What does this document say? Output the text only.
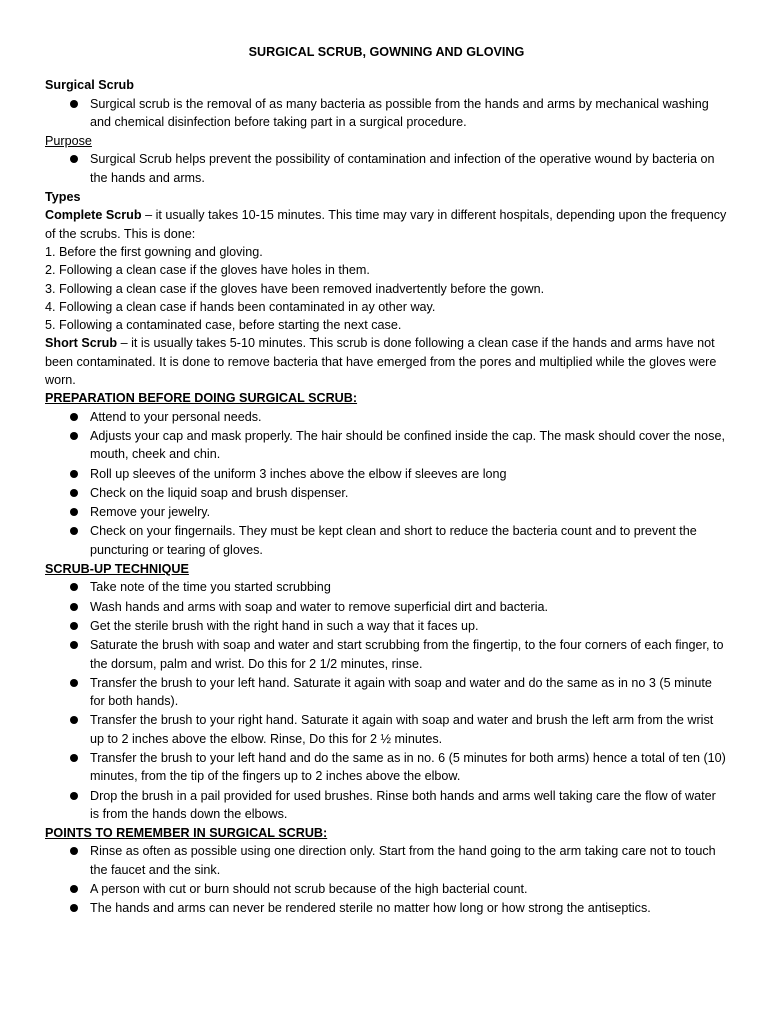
SURGICAL SCRUB, GOWNING AND GLOVING
Surgical Scrub
Surgical scrub is the removal of as many bacteria as possible from the hands and arms by mechanical washing and chemical disinfection before taking part in a surgical procedure.
Purpose
Surgical Scrub helps prevent the possibility of contamination and infection of the operative wound by bacteria on the hands and arms.
Types

Complete Scrub – it usually takes 10-15 minutes. This time may vary in different hospitals, depending upon the frequency of the scrubs. This is done:

1. Before the first gowning and gloving.

2. Following a clean case if the gloves have holes in them.

3. Following a clean case if the gloves have been removed inadvertently before the gown.

4. Following a clean case if hands been contaminated in ay other way.

5. Following a contaminated case, before starting the next case.

Short Scrub – it is usually takes 5-10 minutes. This scrub is done following a clean case if the hands and arms have not been contaminated. It is done to remove bacteria that have emerged from the pores and multiplied while the gloves were worn.

PREPARATION BEFORE DOING SURGICAL SCRUB:
Attend to your personal needs.
Adjusts your cap and mask properly. The hair should be confined inside the cap. The mask should cover the nose, mouth, cheek and chin.
Roll up sleeves of the uniform 3 inches above the elbow if sleeves are long
Check on the liquid soap and brush dispenser.
Remove your jewelry.
Check on your fingernails. They must be kept clean and short to reduce the bacteria count and to prevent the puncturing or tearing of gloves.
SCRUB-UP TECHNIQUE
Take note of the time you started scrubbing
Wash hands and arms with soap and water to remove superficial dirt and bacteria.
Get the sterile brush with the right hand in such a way that it faces up.
Saturate the brush with soap and water and start scrubbing from the fingertip, to the four corners of each finger, to the dorsum, palm and wrist. Do this for 2 1/2 minutes, rinse.
Transfer the brush to your left hand. Saturate it again with soap and water and do the same as in no 3 (5 minute for both hands).
Transfer the brush to your right hand. Saturate it again with soap and water and brush the left arm from the wrist up to 2 inches above the elbow. Rinse, Do this for 2 ½ minutes.
Transfer the brush to your left hand and do the same as in no. 6 (5 minutes for both arms) hence a total of ten (10) minutes, from the tip of the fingers up to 2 inches above the elbow.
Drop the brush in a pail provided for used brushes. Rinse both hands and arms well taking care the flow of water is from the hands down the elbows.
POINTS TO REMEMBER IN SURGICAL SCRUB:
Rinse as often as possible using one direction only. Start from the hand going to the arm taking care not to touch the faucet and the sink.
A person with cut or burn should not scrub because of the high bacterial count.
The hands and arms can never be rendered sterile no matter how long or how strong the antiseptics.
